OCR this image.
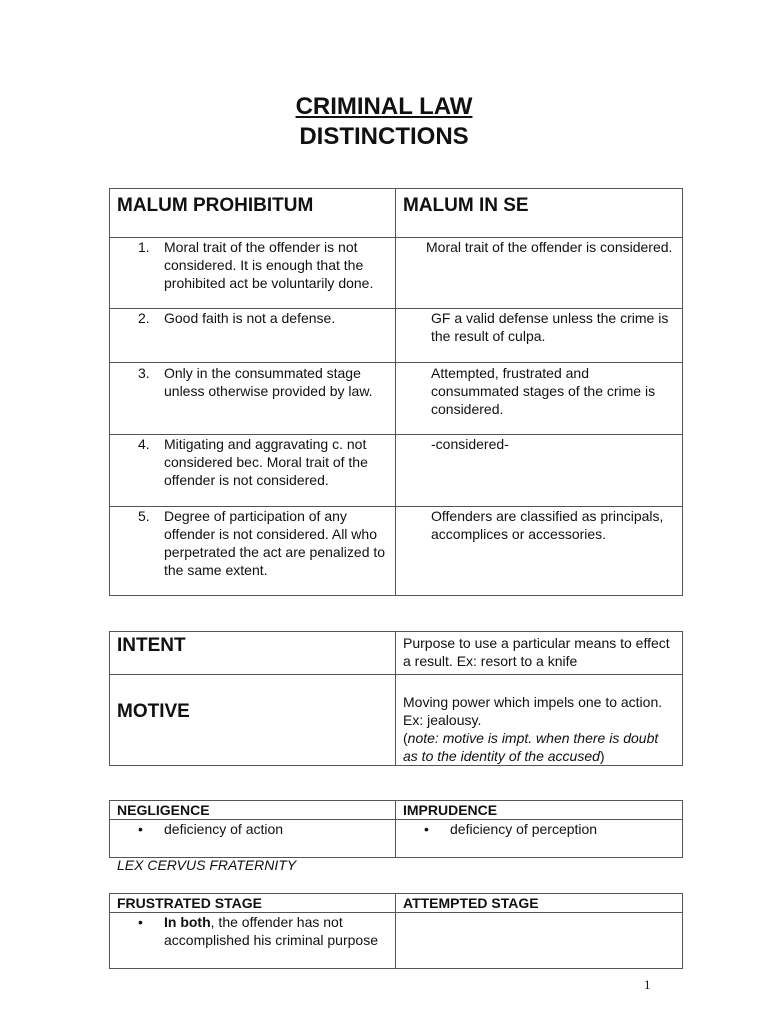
CRIMINAL LAW
DISTINCTIONS
MALUM PROHIBITUM	MALUM IN SE

1. Moral trait of the offender is not considered. It is enough that the prohibited act be voluntarily done.	Moral trait of the offender is considered.

2. Good faith is not a defense.	GF a valid defense unless the crime is the result of culpa.

3. Only in the consummated stage unless otherwise provided by law.	Attempted, frustrated and consummated stages of the crime is considered.

4. Mitigating and aggravating c. not considered bec. Moral trait of the offender is not considered.	-considered-

5. Degree of participation of any offender is not considered. All who perpetrated the act are penalized to the same extent.	Offenders are classified as principals, accomplices or accessories.
INTENT	Purpose to use a particular means to effect a result. Ex: resort to a knife
MOTIVE	Moving power which impels one to action. Ex: jealousy.
(note: motive is impt. when there is doubt as to the identity of the accused)
NEGLIGENCE	IMPRUDENCE

• deficiency of action	• deficiency of perception
LEX CERVUS FRATERNITY
FRUSTRATED STAGE	ATTEMPTED STAGE

• In both, the offender has not accomplished his criminal purpose	

1
